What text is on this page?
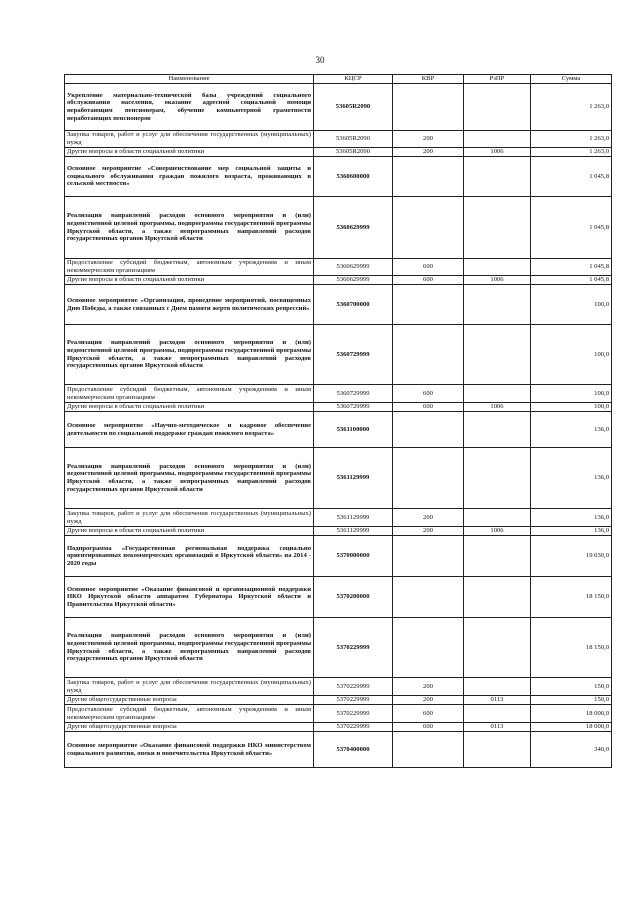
30
Наименование	КЦСР	КВР	РзПР	Сумма
Укрепление материально-технической базы учреждений социального обслуживания населения, оказание адресной социальной помощи неработающим пенсионерам, обучение компьютерной грамотности неработающих пенсионеров	53605R2090			1 263,0
Закупка товаров, работ и услуг для обеспечения государственных (муниципальных) нужд	53605R2090	200		1 263,0
Другие вопросы в области социальной политики	53605R2090	200	1006	1 263,0
Основное мероприятие «Совершенствование мер социальной защиты и социального обслуживания граждан пожилого возраста, проживающих в сельской местности»	5360600000			1 045,8
Реализация направлений расходов основного мероприятия и (или) ведомственной целевой программы, подпрограммы государственной программы Иркутской области, а также непрограммных направлений расходов государственных органов Иркутской области	5360629999			1 045,8
Предоставление субсидий бюджетным, автономным учреждениям и иным некоммерческим организациям	5360629999	600		1 045,8
Другие вопросы в области социальной политики	5360629999	600	1006	1 045,8
Основное мероприятие «Организация, проведение мероприятий, посвященных Дню Победы, а также связанных с Днем памяти жертв политических репрессий»	5360700000			100,0
Реализация направлений расходов основного мероприятия и (или) ведомственной целевой программы, подпрограммы государственной программы Иркутской области, а также непрограммных направлений расходов государственных органов Иркутской области	5360729999			100,0
Предоставление субсидий бюджетным, автономным учреждениям и иным некоммерческим организациям	5360729999	600		100,0
Другие вопросы в области социальной политики	5360729999	600	1006	100,0
Основное мероприятие «Научно-методическое и кадровое обеспечение деятельности по социальной поддержке граждан пожилого возраста»	5361100000			136,0
Реализация направлений расходов основного мероприятия и (или) ведомственной целевой программы, подпрограммы государственной программы Иркутской области, а также непрограммных направлений расходов государственных органов Иркутской области	5361129999			136,0
Закупка товаров, работ и услуг для обеспечения государственных (муниципальных) нужд	5361129999	200		136,0
Другие вопросы в области социальной политики	5361129999	200	1006	136,0
Подпрограмма «Государственная региональная поддержка социально ориентированных некоммерческих организаций в Иркутской области» на 2014 - 2020 годы	5370000000			19 030,0
Основное мероприятие «Оказание финансовой и организационной поддержки НКО Иркутской области аппаратом Губернатора Иркутской области и Правительства Иркутской области»	5370200000			18 150,0
Реализация направлений расходов основного мероприятия и (или) ведомственной целевой программы, подпрограммы государственной программы Иркутской области, а также непрограммных направлений расходов государственных органов Иркутской области	5370229999			18 150,0
Закупка товаров, работ и услуг для обеспечения государственных (муниципальных) нужд	5370229999	200		150,0
Другие общегосударственные вопросы	5370229999	200	0113	150,0
Предоставление субсидий бюджетным, автономным учреждениям и иным некоммерческим организациям	5370229999	600		18 000,0
Другие общегосударственные вопросы	5370229999	600	0113	18 000,0
Основное мероприятие «Оказание финансовой поддержки НКО министерством социального развития, опеки и попечительства Иркутской области»	5370400000			340,0
